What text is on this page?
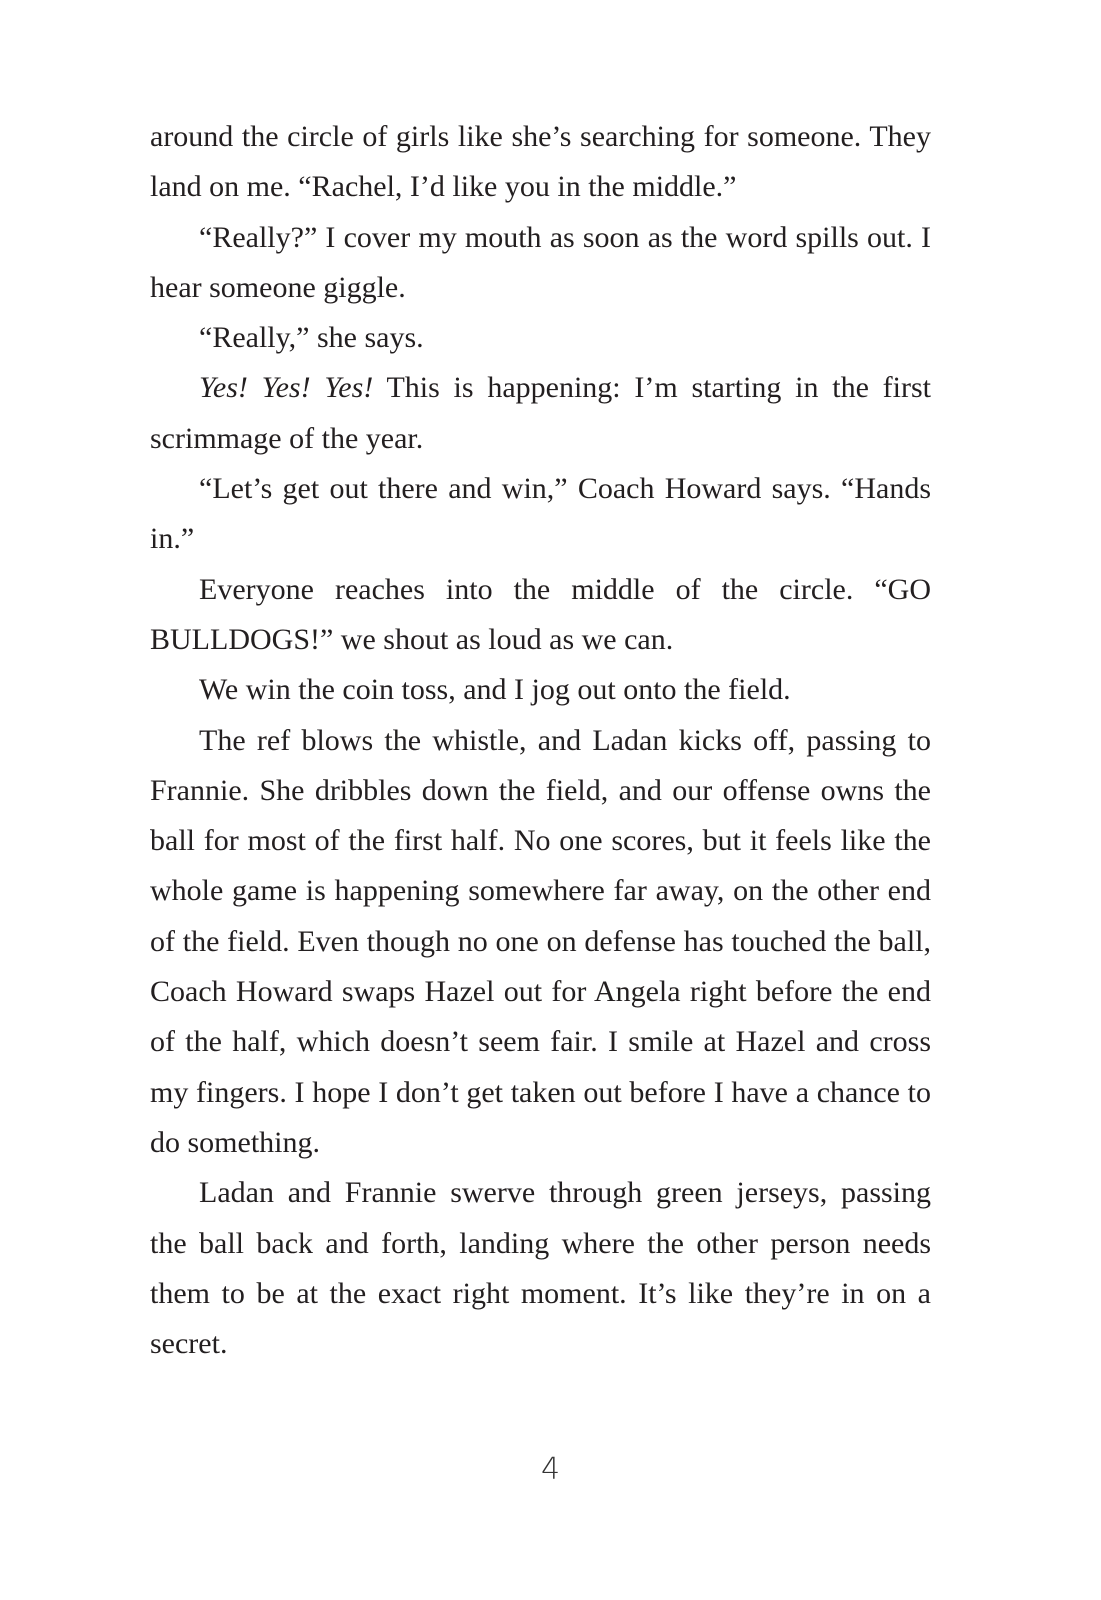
around the circle of girls like she’s searching for someone. They land on me. “Rachel, I’d like you in the middle.”

“Really?” I cover my mouth as soon as the word spills out. I hear someone giggle.

“Really,” she says.

Yes! Yes! Yes! This is happening: I’m starting in the first scrimmage of the year.

“Let’s get out there and win,” Coach Howard says. “Hands in.”

Everyone reaches into the middle of the circle. “GO BULLDOGS!” we shout as loud as we can.

We win the coin toss, and I jog out onto the field.

The ref blows the whistle, and Ladan kicks off, passing to Frannie. She dribbles down the field, and our offense owns the ball for most of the first half. No one scores, but it feels like the whole game is happening somewhere far away, on the other end of the field. Even though no one on defense has touched the ball, Coach Howard swaps Hazel out for Angela right before the end of the half, which doesn’t seem fair. I smile at Hazel and cross my fingers. I hope I don’t get taken out before I have a chance to do something.

Ladan and Frannie swerve through green jerseys, passing the ball back and forth, landing where the other person needs them to be at the exact right moment. It’s like they’re in on a secret.

4
